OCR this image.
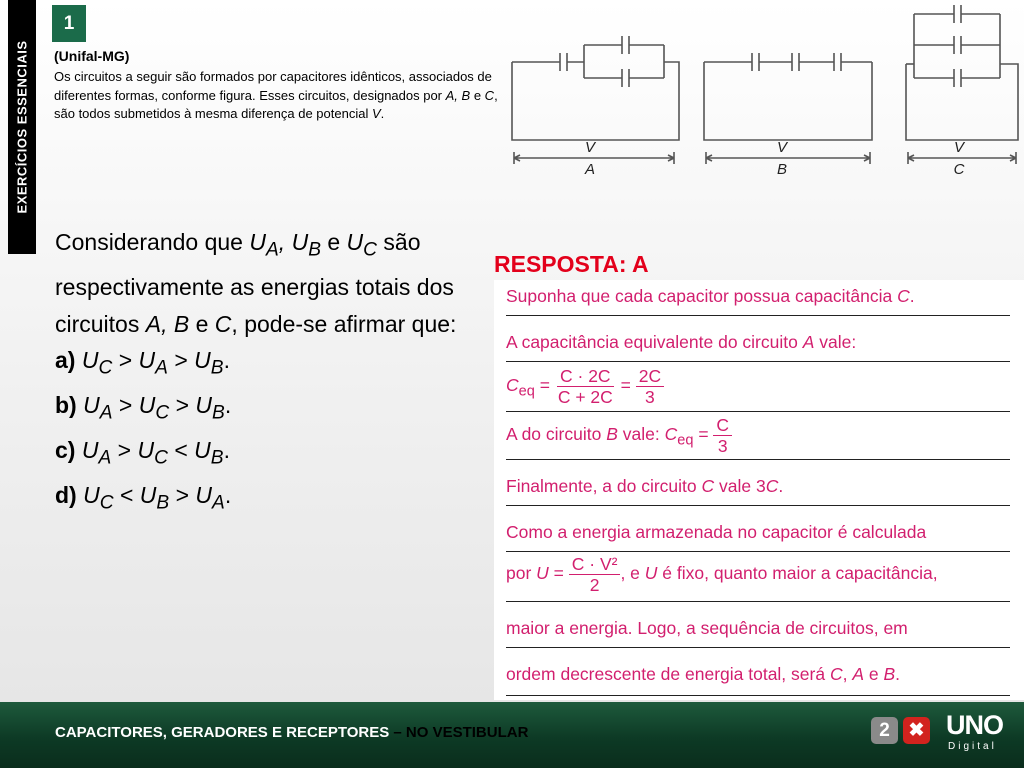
EXERCÍCIOS ESSENCIAIS
1
(Unifal-MG)
Os circuitos a seguir são formados por capacitores idênticos, associados de diferentes formas, conforme figura. Esses circuitos, designados por A, B e C, são todos submetidos à mesma diferença de potencial V.
V
A
V
B
V
C

Considerando que $U_A$, $U_B$ e $U_C$ são respectivamente as energias totais dos circuitos A, B e C, pode-se afirmar que:

a) $U_C > U_A > U_B$.

b) $U_A > U_C > U_B$.

c) $U_A > U_C < U_B$.

d) $U_C < U_B > U_A$.

RESPOSTA: A
Suponha que cada capacitor possua capacitância C.
A capacitância equivalente do circuito A vale:
$C_{eq} = \frac{C \cdot 2C}{C + 2C} = \frac{2C}{3}$
A do circuito B vale: $C_{eq} = \frac{C}{3}$
Finalmente, a do circuito C vale 3C.
Como a energia armazenada no capacitor é calculada
por $U = \frac{\text{C · V²}}{2}$ , e U é fixo, quanto maior a capacitância,
maior a energia. Logo, a sequência de circuitos, em
ordem decrescente de energia total, será C, A e B.
CAPACITORES, GERADORES E RECEPTORES – NO VESTIBULAR	2 ✖ UNO
Digital
